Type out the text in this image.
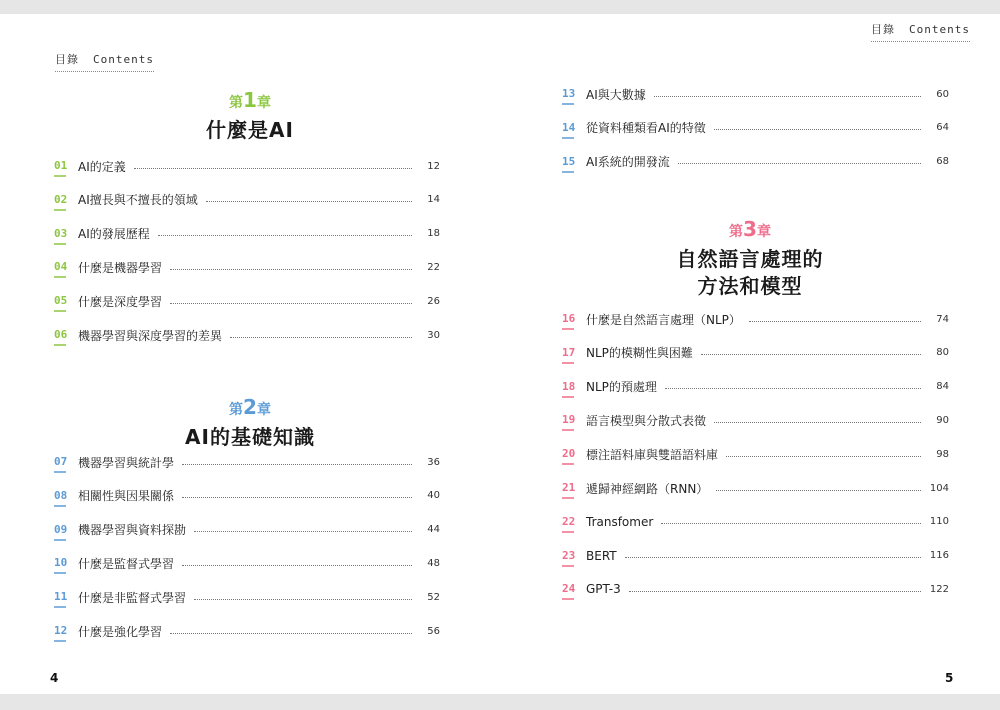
目錄 Contents
第1章
什麼是AI
01 AI的定義	12
02 AI擅長與不擅長的領域	14
03 AI的發展歷程	18
04 什麼是機器學習	22
05 什麼是深度學習	26
06 機器學習與深度學習的差異	30
第2章
AI的基礎知識
07 機器學習與統計學	36
08 相關性與因果關係	40
09 機器學習與資料探勘	44
10 什麼是監督式學習	48
11 什麼是非監督式學習	52
12 什麼是強化學習	56
4
目錄 Contents
13 AI與大數據	60
14 從資料種類看AI的特徵	64
15 AI系統的開發流	68
第3章
自然語言處理的
方法和模型
16 什麼是自然語言處理（NLP）	74
17 NLP的模糊性與困難	80
18 NLP的預處理	84
19 語言模型與分散式表徵	90
20 標注語料庫與雙語語料庫	98
21 遞歸神經網路（RNN）	104
22 Transfomer	110
23 BERT	116
24 GPT-3	122
5
